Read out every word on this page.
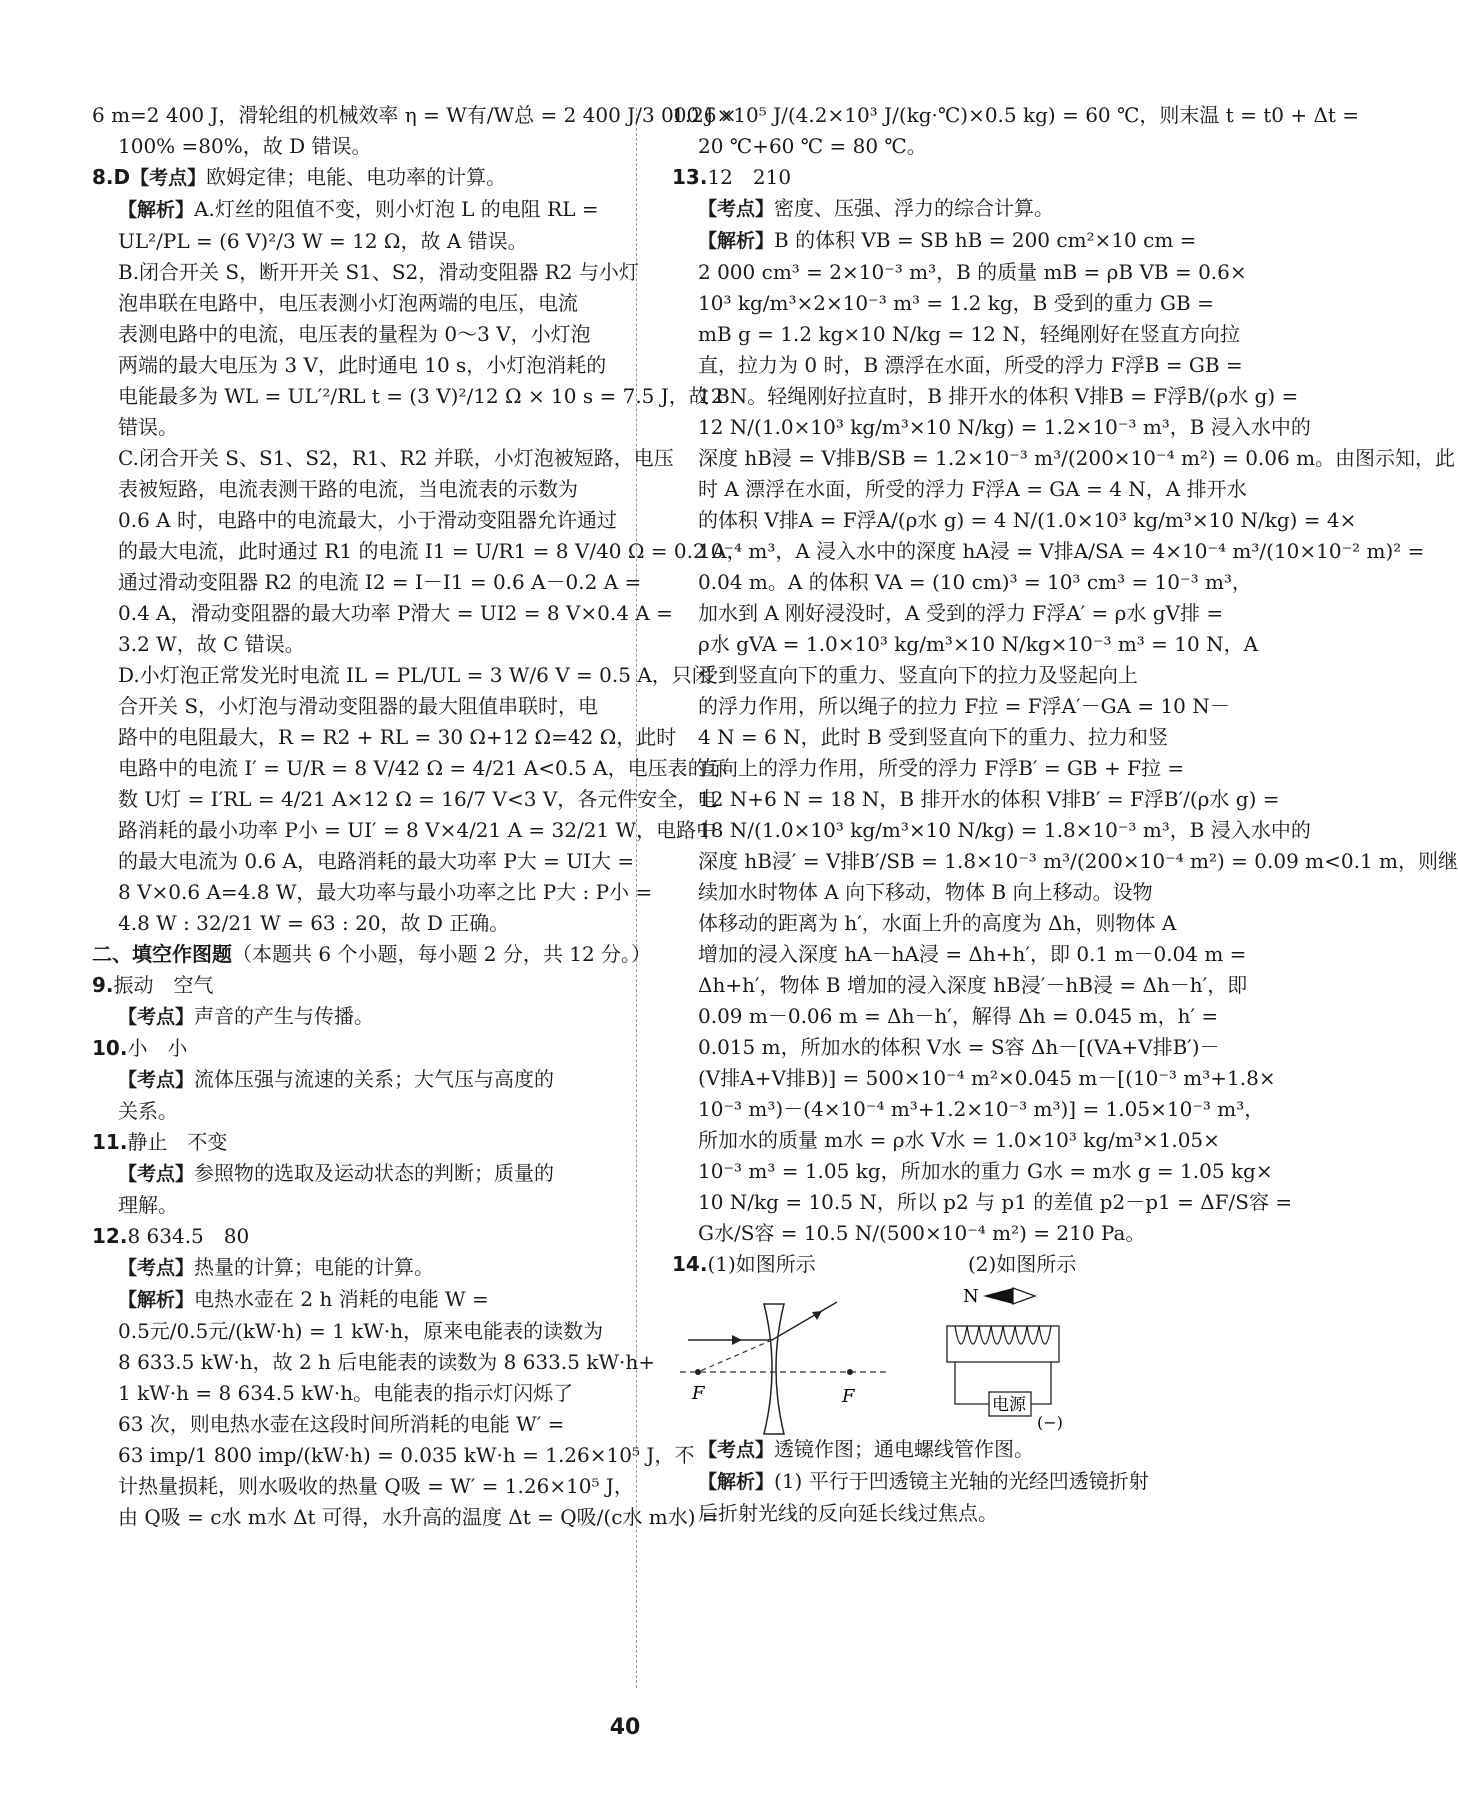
6 m=2 400 J，滑轮组的机械效率 η = W有/W总 = 2 400 J/3 000 J ×
100% =80%，故 D 错误。
8.D【考点】欧姆定律；电能、电功率的计算。
【解析】A.灯丝的阻值不变，则小灯泡 L 的电阻 RL =
UL²/PL = (6 V)²/3 W = 12 Ω，故 A 错误。
B.闭合开关 S，断开开关 S1、S2，滑动变阻器 R2 与小灯
泡串联在电路中，电压表测小灯泡两端的电压，电流
表测电路中的电流，电压表的量程为 0～3 V，小灯泡
两端的最大电压为 3 V，此时通电 10 s，小灯泡消耗的
电能最多为 WL = UL′²/RL t = (3 V)²/12 Ω × 10 s = 7.5 J，故 B
错误。
C.闭合开关 S、S1、S2，R1、R2 并联，小灯泡被短路，电压
表被短路，电流表测干路的电流，当电流表的示数为
0.6 A 时，电路中的电流最大，小于滑动变阻器允许通过
的最大电流，此时通过 R1 的电流 I1 = U/R1 = 8 V/40 Ω = 0.2 A，
通过滑动变阻器 R2 的电流 I2 = I－I1 = 0.6 A－0.2 A =
0.4 A，滑动变阻器的最大功率 P滑大 = UI2 = 8 V×0.4 A =
3.2 W，故 C 错误。
D.小灯泡正常发光时电流 IL = PL/UL = 3 W/6 V = 0.5 A，只闭
合开关 S，小灯泡与滑动变阻器的最大阻值串联时，电
路中的电阻最大，R = R2 + RL = 30 Ω+12 Ω=42 Ω，此时
电路中的电流 I′ = U/R = 8 V/42 Ω = 4/21 A<0.5 A，电压表的示
数 U灯 = I′RL = 4/21 A×12 Ω = 16/7 V<3 V，各元件安全，电
路消耗的最小功率 P小 = UI′ = 8 V×4/21 A = 32/21 W，电路中
的最大电流为 0.6 A，电路消耗的最大功率 P大 = UI大 =
8 V×0.6 A=4.8 W，最大功率与最小功率之比 P大 : P小 =
4.8 W : 32/21 W = 63 : 20，故 D 正确。
二、填空作图题（本题共 6 个小题，每小题 2 分，共 12 分。）
9.振动　空气
【考点】声音的产生与传播。
10.小　小
【考点】流体压强与流速的关系；大气压与高度的
关系。
11.静止　不变
【考点】参照物的选取及运动状态的判断；质量的
理解。
12.8 634.5　80
【考点】热量的计算；电能的计算。
【解析】电热水壶在 2 h 消耗的电能 W =
0.5元/0.5元/(kW·h) = 1 kW·h，原来电能表的读数为
8 633.5 kW·h，故 2 h 后电能表的读数为 8 633.5 kW·h+
1 kW·h = 8 634.5 kW·h。电能表的指示灯闪烁了
63 次，则电热水壶在这段时间所消耗的电能 W′ =
63 imp/1 800 imp/(kW·h) = 0.035 kW·h = 1.26×10⁵ J，不
计热量损耗，则水吸收的热量 Q吸 = W′ = 1.26×10⁵ J，
由 Q吸 = c水 m水 Δt 可得，水升高的温度 Δt = Q吸/(c水 m水) =
1.26×10⁵ J/(4.2×10³ J/(kg·℃)×0.5 kg) = 60 ℃，则末温 t = t0 + Δt =
20 ℃+60 ℃ = 80 ℃。
13.12　210
【考点】密度、压强、浮力的综合计算。
【解析】B 的体积 VB = SB hB = 200 cm²×10 cm =
2 000 cm³ = 2×10⁻³ m³，B 的质量 mB = ρB VB = 0.6×
10³ kg/m³×2×10⁻³ m³ = 1.2 kg，B 受到的重力 GB =
mB g = 1.2 kg×10 N/kg = 12 N，轻绳刚好在竖直方向拉
直，拉力为 0 时，B 漂浮在水面，所受的浮力 F浮B = GB =
12 N。轻绳刚好拉直时，B 排开水的体积 V排B = F浮B/(ρ水 g) =
12 N/(1.0×10³ kg/m³×10 N/kg) = 1.2×10⁻³ m³，B 浸入水中的
深度 hB浸 = V排B/SB = 1.2×10⁻³ m³/(200×10⁻⁴ m²) = 0.06 m。由图示知，此
时 A 漂浮在水面，所受的浮力 F浮A = GA = 4 N，A 排开水
的体积 V排A = F浮A/(ρ水 g) = 4 N/(1.0×10³ kg/m³×10 N/kg) = 4×
10⁻⁴ m³，A 浸入水中的深度 hA浸 = V排A/SA = 4×10⁻⁴ m³/(10×10⁻² m)² =
0.04 m。A 的体积 VA = (10 cm)³ = 10³ cm³ = 10⁻³ m³，
加水到 A 刚好浸没时，A 受到的浮力 F浮A′ = ρ水 gV排 =
ρ水 gVA = 1.0×10³ kg/m³×10 N/kg×10⁻³ m³ = 10 N，A
受到竖直向下的重力、竖直向下的拉力及竖起向上
的浮力作用，所以绳子的拉力 F拉 = F浮A′－GA = 10 N－
4 N = 6 N，此时 B 受到竖直向下的重力、拉力和竖
直向上的浮力作用，所受的浮力 F浮B′ = GB + F拉 =
12 N+6 N = 18 N，B 排开水的体积 V排B′ = F浮B′/(ρ水 g) =
18 N/(1.0×10³ kg/m³×10 N/kg) = 1.8×10⁻³ m³，B 浸入水中的
深度 hB浸′ = V排B′/SB = 1.8×10⁻³ m³/(200×10⁻⁴ m²) = 0.09 m<0.1 m，则继
续加水时物体 A 向下移动，物体 B 向上移动。设物
体移动的距离为 h′，水面上升的高度为 Δh，则物体 A
增加的浸入深度 hA－hA浸 = Δh+h′，即 0.1 m－0.04 m =
Δh+h′，物体 B 增加的浸入深度 hB浸′－hB浸 = Δh－h′，即
0.09 m－0.06 m = Δh－h′，解得 Δh = 0.045 m，h′ =
0.015 m，所加水的体积 V水 = S容 Δh－[(VA+V排B′)－
(V排A+V排B)] = 500×10⁻⁴ m²×0.045 m－[(10⁻³ m³+1.8×
10⁻³ m³)－(4×10⁻⁴ m³+1.2×10⁻³ m³)] = 1.05×10⁻³ m³，
所加水的质量 m水 = ρ水 V水 = 1.0×10³ kg/m³×1.05×
10⁻³ m³ = 1.05 kg，所加水的重力 G水 = m水 g = 1.05 kg×
10 N/kg = 10.5 N，所以 p2 与 p1 的差值 p2－p1 = ΔF/S容 =
G水/S容 = 10.5 N/(500×10⁻⁴ m²) = 210 Pa。
14.(1)如图所示	(2)如图所示
F	F
N
电源
(−)
【考点】透镜作图；通电螺线管作图。
【解析】(1) 平行于凹透镜主光轴的光经凹透镜折射
后折射光线的反向延长线过焦点。
40
